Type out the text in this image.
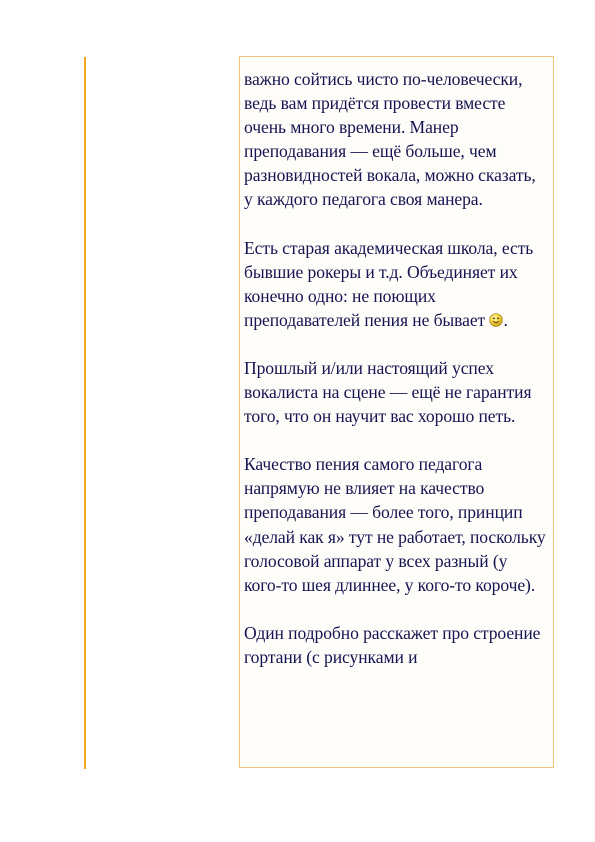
важно сойтись чисто по-человечески, ведь вам придётся провести вместе очень много времени. Манер преподавания — ещё больше, чем разновидностей вокала, можно сказать, у каждого педагога своя манера.

Есть старая академическая школа, есть бывшие рокеры и т.д. Объединяет их конечно одно: не поющих преподавателей пения не бывает .

Прошлый и/или настоящий успех вокалиста на сцене — ещё не гарантия того, что он научит вас хорошо петь.

Качество пения самого педагога напрямую не влияет на качество преподавания — более того, принцип «делай как я» тут не работает, поскольку голосовой аппарат у всех разный (у кого-то шея длиннее, у кого-то короче).

Один подробно расскажет про строение гортани (с рисунками и
